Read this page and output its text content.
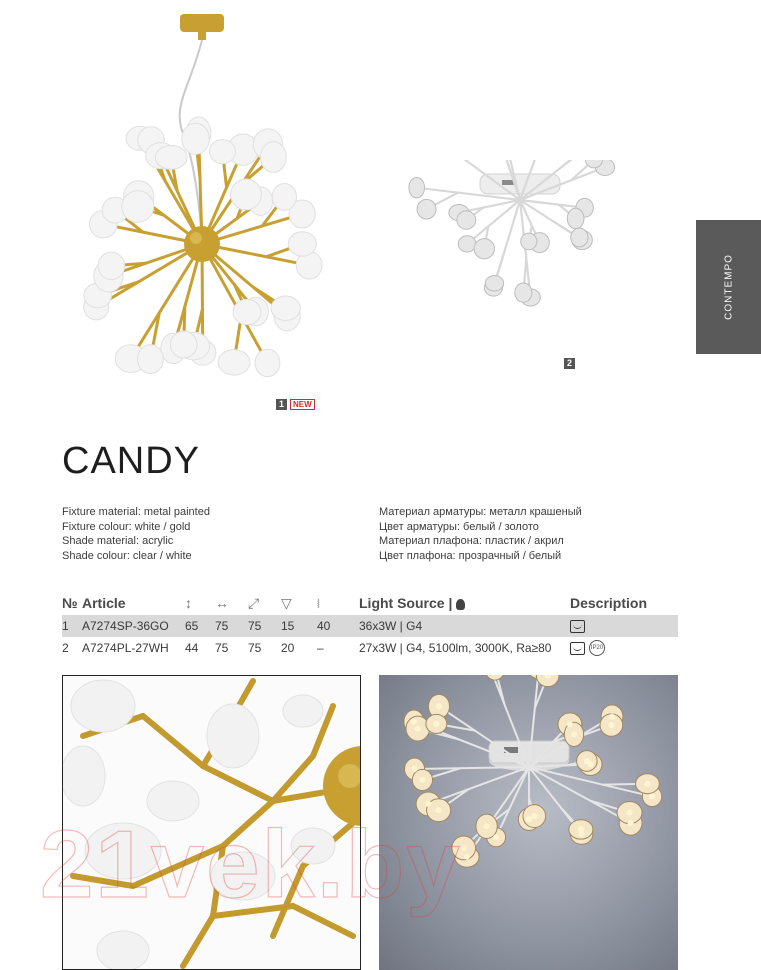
CONTEMPO
1 NEW
2
CANDY
Fixture material: metal painted
Fixture colour: white / gold
Shade material: acrylic
Shade colour: clear / white
Материал арматуры: металл крашеный
Цвет арматуры: белый / золото
Материал плафона: пластик / акрил
Цвет плафона: прозрачный / белый
№	Article	↕	↔	⤢	▽	⧘	Light Source |	Description
1	A7274SP-36GO	65	75	75	15	40	36x3W | G4	
2	A7274PL-27WH	44	75	75	20	–	27x3W | G4, 5100lm, 3000K, Ra≥80	IP20
21vek.by
